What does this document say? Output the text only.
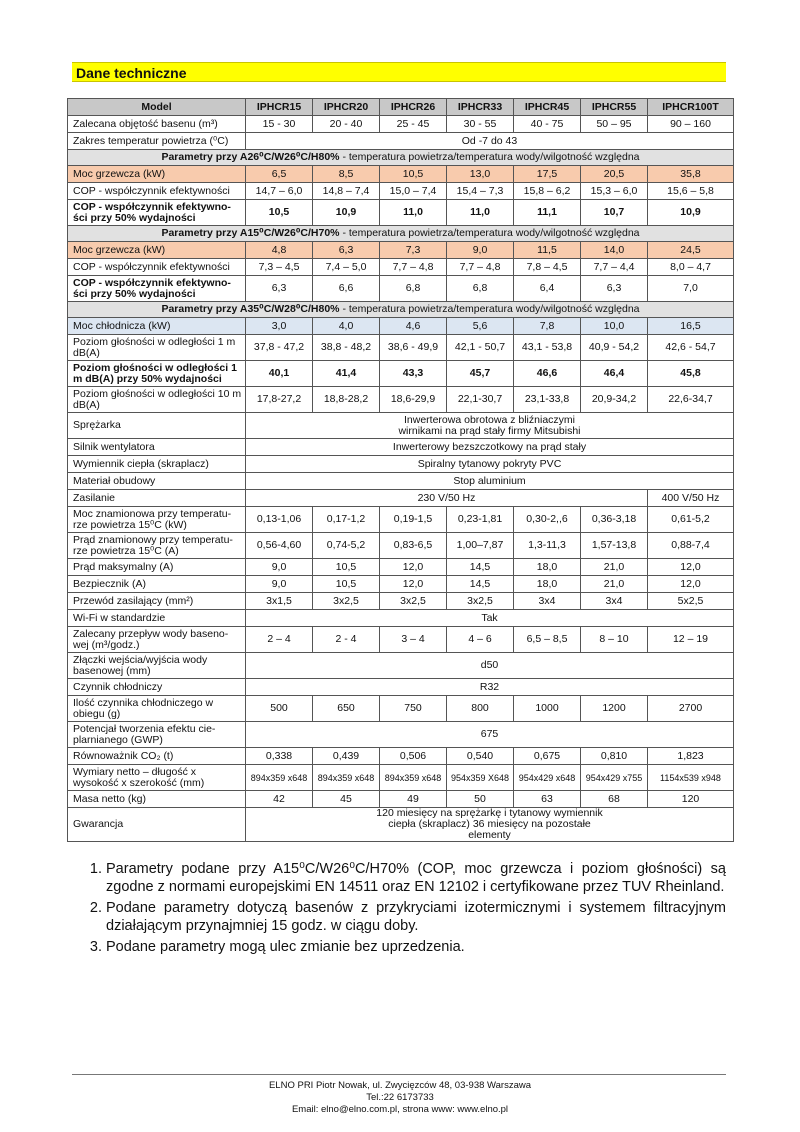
Dane techniczne
Model	IPHCR15	IPHCR20	IPHCR26	IPHCR33	IPHCR45	IPHCR55	IPHCR100T
Zalecana objętość basenu (m³)	15 - 30	20 - 40	25 - 45	30 - 55	40 - 75	50 – 95	90 – 160
Zakres temperatur powietrza (⁰C)	Od -7 do 43						
Parametry przy A26⁰C/W26⁰C/H80% - temperatura powietrza/temperatura wody/wilgotność względna							
Moc grzewcza (kW)	6,5	8,5	10,5	13,0	17,5	20,5	35,8
COP - współczynnik efektywności	14,7 – 6,0	14,8 – 7,4	15,0 – 7,4	15,4 – 7,3	15,8 – 6,2	15,3 – 6,0	15,6 – 5,8
COP - współczynnik efektywno-ści przy 50% wydajności	10,5	10,9	11,0	11,0	11,1	10,7	10,9
Parametry przy A15⁰C/W26⁰C/H70% - temperatura powietrza/temperatura wody/wilgotność względna							
Moc grzewcza (kW)	4,8	6,3	7,3	9,0	11,5	14,0	24,5
COP - współczynnik efektywności	7,3 – 4,5	7,4 – 5,0	7,7 – 4,8	7,7 – 4,8	7,8 – 4,5	7,7 – 4,4	8,0 – 4,7
COP - współczynnik efektywno-ści przy 50% wydajności	6,3	6,6	6,8	6,8	6,4	6,3	7,0
Parametry przy A35⁰C/W28⁰C/H80% - temperatura powietrza/temperatura wody/wilgotność względna							
Moc chłodnicza (kW)	3,0	4,0	4,6	5,6	7,8	10,0	16,5
Poziom głośności w odległości 1 m dB(A)	37,8 - 47,2	38,8 - 48,2	38,6 - 49,9	42,1 - 50,7	43,1 - 53,8	40,9 - 54,2	42,6 - 54,7
Poziom głośności w odległości 1 m dB(A) przy 50% wydajności	40,1	41,4	43,3	45,7	46,6	46,4	45,8
Poziom głośności w odległości 10 m dB(A)	17,8-27,2	18,8-28,2	18,6-29,9	22,1-30,7	23,1-33,8	20,9-34,2	22,6-34,7
Sprężarka	Inwerterowa obrotowa z bliźniaczymi wirnikami na prąd stały firmy Mitsubishi						
Silnik wentylatora	Inwerterowy bezszczotkowy na prąd stały						
Wymiennik ciepła (skraplacz)	Spiralny tytanowy pokryty PVC						
Materiał obudowy	Stop aluminium						
Zasilanie	230 V/50 Hz						400 V/50 Hz
Moc znamionowa przy temperatu-rze powietrza 15⁰C (kW)	0,13-1,06	0,17-1,2	0,19-1,5	0,23-1,81	0,30-2,,6	0,36-3,18	0,61-5,2
Prąd znamionowy przy temperatu-rze powietrza 15⁰C (A)	0,56-4,60	0,74-5,2	0,83-6,5	1,00–7,87	1,3-11,3	1,57-13,8	0,88-7,4
Prąd maksymalny (A)	9,0	10,5	12,0	14,5	18,0	21,0	12,0
Bezpiecznik (A)	9,0	10,5	12,0	14,5	18,0	21,0	12,0
Przewód zasilający (mm²)	3x1,5	3x2,5	3x2,5	3x2,5	3x4	3x4	5x2,5
Wi-Fi w standardzie	Tak						
Zalecany przepływ wody baseno-wej (m³/godz.)	2 – 4	2 - 4	3 – 4	4 – 6	6,5 – 8,5	8 – 10	12 – 19
Złączki wejścia/wyjścia wody basenowej (mm)	d50						
Czynnik chłodniczy	R32						
Ilość czynnika chłodniczego w obiegu (g)	500	650	750	800	1000	1200	2700
Potencjał tworzenia efektu cie-plarnianego (GWP)	675						
Równoważnik CO₂ (t)	0,338	0,439	0,506	0,540	0,675	0,810	1,823
Wymiary netto – długość x wysokość x szerokość (mm)	894x359 x648	894x359 x648	894x359 x648	954x359 X648	954x429 x648	954x429 x755	1154x539 x948
Masa netto (kg)	42	45	49	50	63	68	120
Gwarancja	120 miesięcy na sprężarkę i tytanowy wymiennik ciepła (skraplacz) 36 miesięcy na pozostałe elementy						
1. Parametry podane przy A15⁰C/W26⁰C/H70% (COP, moc grzewcza i poziom głośności) są zgodne z normami europejskimi EN 14511 oraz EN 12102 i certyfikowane przez TUV Rheinland.
2. Podane parametry dotyczą basenów z przykryciami izotermicznymi i systemem filtracyjnym działającym przynajmniej 15 godz. w ciągu doby.
3. Podane parametry mogą ulec zmianie bez uprzedzenia.
ELNO PRI Piotr Nowak, ul. Zwycięzców 48, 03-938 Warszawa
Tel.:22 6173733
Email: elno@elno.com.pl, strona www: www.elno.pl
